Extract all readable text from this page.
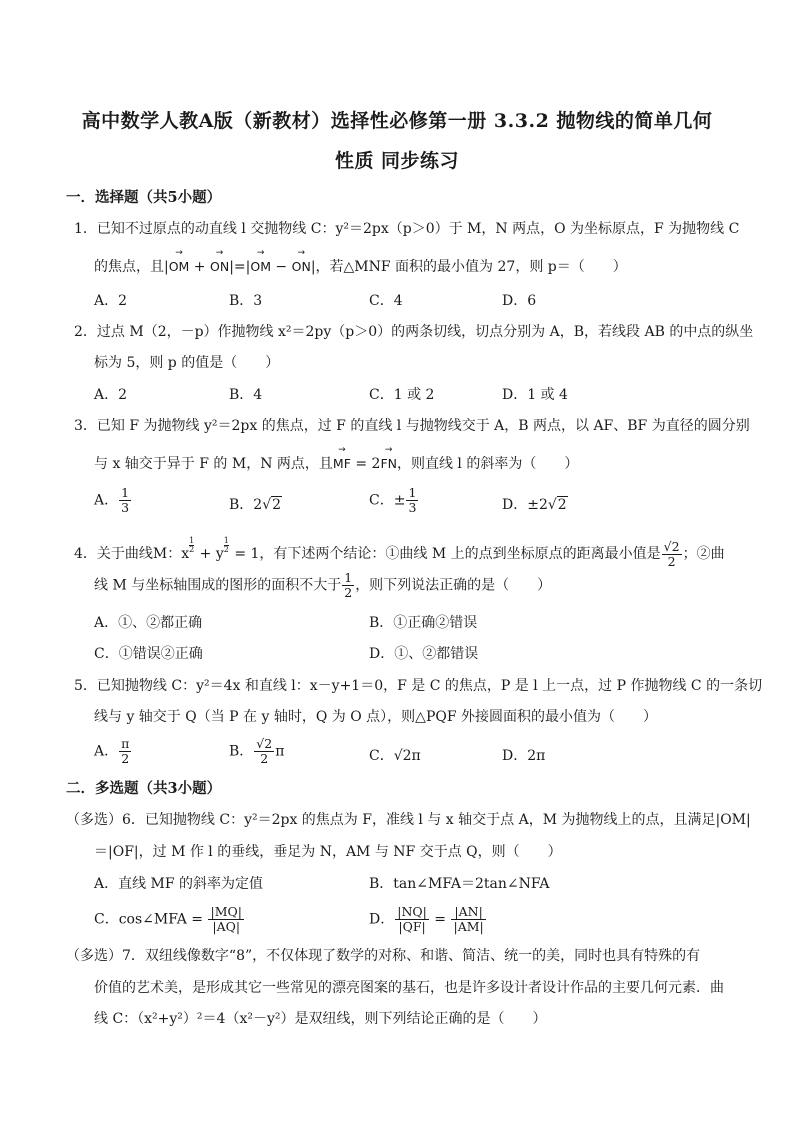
高中数学人教A版（新教材）选择性必修第一册 3.3.2 抛物线的简单几何
性质 同步练习
一．选择题（共5小题）
1．已知不过原点的动直线 l 交抛物线 C：y²＝2px（p＞0）于 M，N 两点，O 为坐标原点，F 为抛物线 C
的焦点，且|→ OM + → ON|=|→ OM − → ON|，若△MNF 面积的最小值为 27，则 p＝（　　）
A．2	B．3	C．4	D．6
2．过点 M（2，－p）作抛物线 x²＝2py（p＞0）的两条切线，切点分别为 A，B，若线段 AB 的中点的纵坐
标为 5，则 p 的值是（　　）
A．2	B．4	C．1 或 2	D．1 或 4
3．已知 F 为抛物线 y²＝2px 的焦点，过 F 的直线 l 与抛物线交于 A，B 两点，以 AF、BF 为直径的圆分别
与 x 轴交于异于 F 的 M，N 两点，且→ MF = 2→ FN，则直线 l 的斜率为（　　）
A． $\frac{1}{3}$	B．2√2	C．± $\frac{1}{3}$	D．±2√2
4．关于曲线M：x $\frac{1}{2} + y \frac{1}{2} = 1$，有下述两个结论：①曲线 M 上的点到坐标原点的距离最小值是 $\frac{√2}{2}$ ；②曲
线 M 与坐标轴围成的图形的面积不大于 $\frac{1}{2}$ ，则下列说法正确的是（　　）
A．①、②都正确	B．①正确②错误
C．①错误②正确	D．①、②都错误
5．已知抛物线 C：y²＝4x 和直线 l：x－y+1＝0，F 是 C 的焦点，P 是 l 上一点，过 P 作抛物线 C 的一条切
线与 y 轴交于 Q（当 P 在 y 轴时，Q 为 O 点），则△PQF 外接圆面积的最小值为（　　）
A． $\frac{\pi}{2}$	B． $\frac{√2}{2}$ π	C．√2π	D．2π
二．多选题（共3小题）
（多选）6．已知抛物线 C：y²＝2px 的焦点为 F，准线 l 与 x 轴交于点 A，M 为抛物线上的点，且满足|OM|
＝|OF|，过 M 作 l 的垂线，垂足为 N，AM 与 NF 交于点 Q，则（　　）
A．直线 MF 的斜率为定值	B．tan∠MFA＝2tan∠NFA
C．cos∠MFA = $\frac{|MQ|}{|AQ|}$	D． $\frac{|NQ|}{|QF|} = \frac{|AN|}{|AM|}$
（多选）7．双纽线像数字“8”，不仅体现了数学的对称、和谐、简洁、统一的美，同时也具有特殊的有
价值的艺术美，是形成其它一些常见的漂亮图案的基石，也是许多设计者设计作品的主要几何元素．曲
线 C：（x²+y²）²＝4（x²－y²）是双纽线，则下列结论正确的是（　　）
